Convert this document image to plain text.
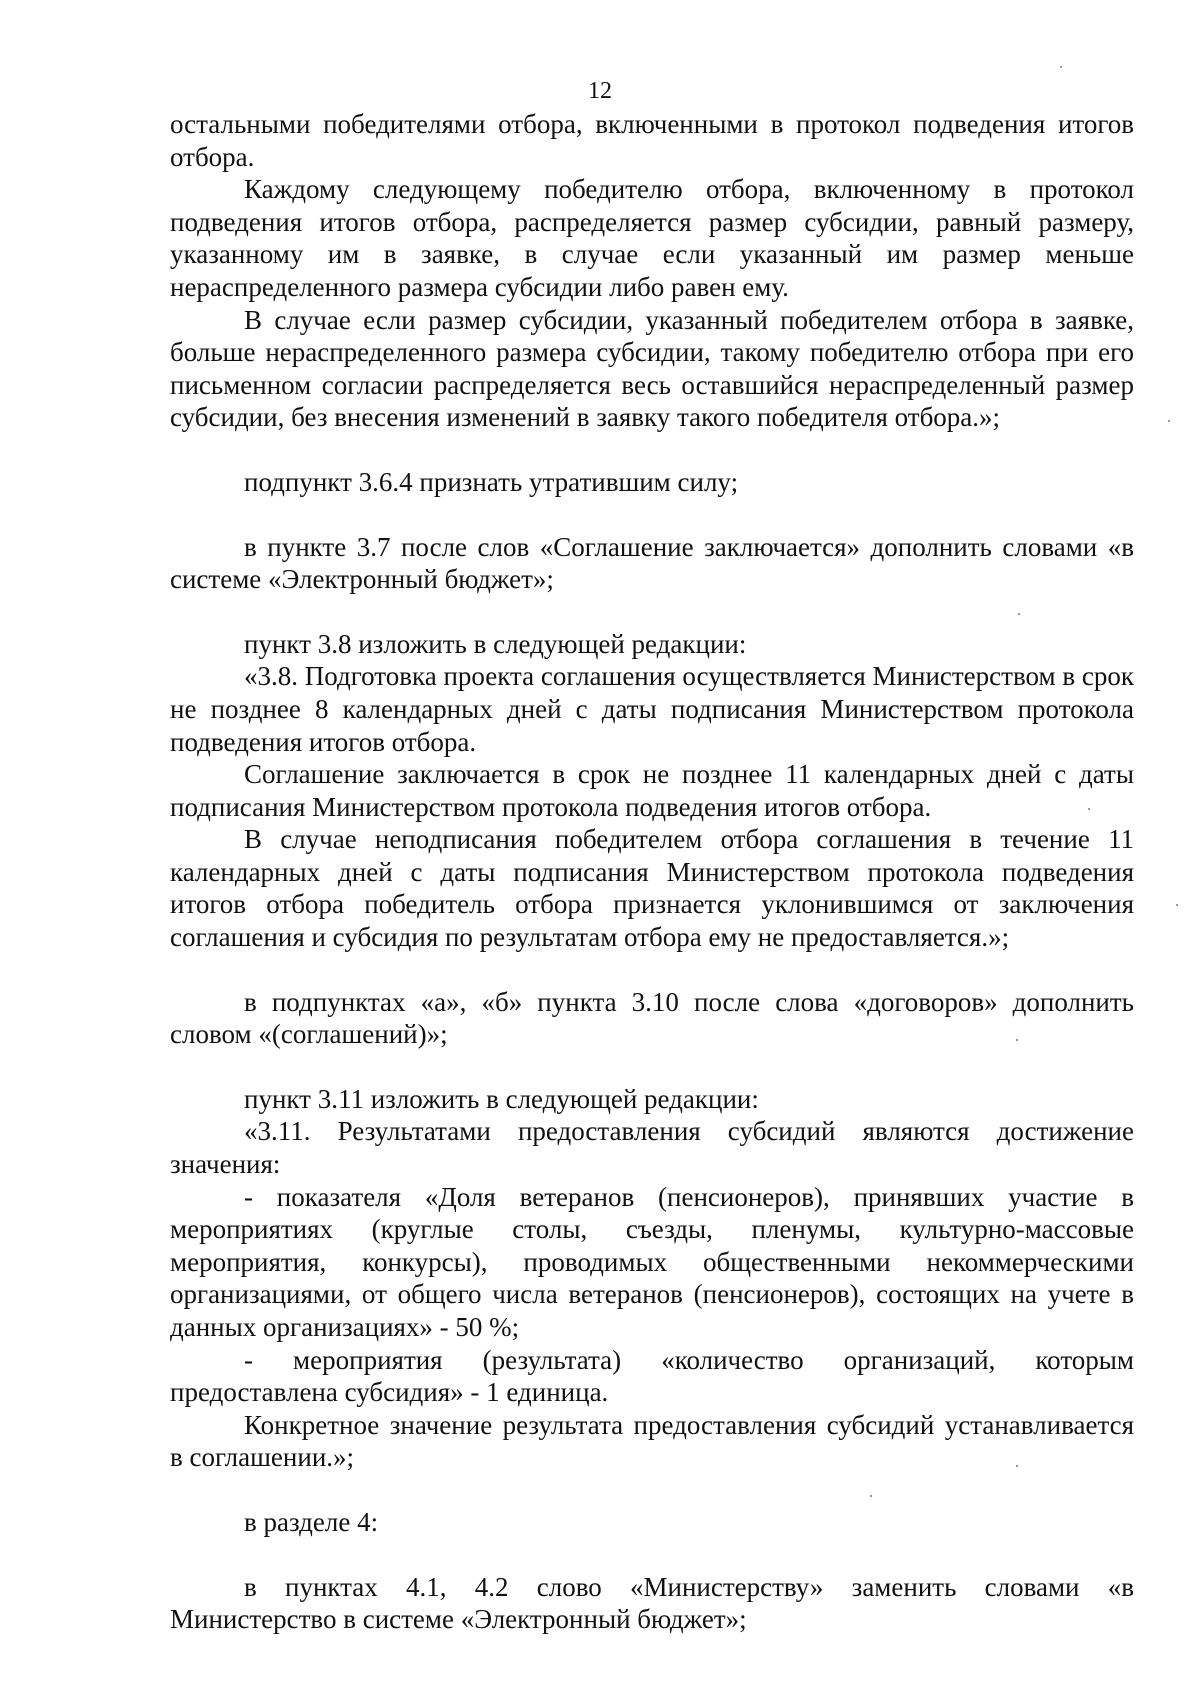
12

остальными победителями отбора, включенными в протокол подведения итогов отбора.

Каждому следующему победителю отбора, включенному в протокол подведения итогов отбора, распределяется размер субсидии, равный размеру, указанному им в заявке, в случае если указанный им размер меньше нераспределенного размера субсидии либо равен ему.

В случае если размер субсидии, указанный победителем отбора в заявке, больше нераспределенного размера субсидии, такому победителю отбора при его письменном согласии распределяется весь оставшийся нераспределенный размер субсидии, без внесения изменений в заявку такого победителя отбора.»;

подпункт 3.6.4 признать утратившим силу;

в пункте 3.7 после слов «Соглашение заключается» дополнить словами «в системе «Электронный бюджет»;

пункт 3.8 изложить в следующей редакции:

«3.8. Подготовка проекта соглашения осуществляется Министерством в срок не позднее 8 календарных дней с даты подписания Министерством протокола подведения итогов отбора.

Соглашение заключается в срок не позднее 11 календарных дней с даты подписания Министерством протокола подведения итогов отбора.

В случае неподписания победителем отбора соглашения в течение 11 календарных дней с даты подписания Министерством протокола подведения итогов отбора победитель отбора признается уклонившимся от заключения соглашения и субсидия по результатам отбора ему не предоставляется.»;

в подпунктах «а», «б» пункта 3.10 после слова «договоров» дополнить словом «(соглашений)»;

пункт 3.11 изложить в следующей редакции:

«3.11. Результатами предоставления субсидий являются достижение значения:

- показателя «Доля ветеранов (пенсионеров), принявших участие в мероприятиях (круглые столы, съезды, пленумы, культурно-массовые мероприятия, конкурсы), проводимых общественными некоммерческими организациями, от общего числа ветеранов (пенсионеров), состоящих на учете в данных организациях» - 50 %;

- мероприятия (результата) «количество организаций, которым предоставлена субсидия» - 1 единица.

Конкретное значение результата предоставления субсидий устанавливается в соглашении.»;

в разделе 4:

в пунктах 4.1, 4.2 слово «Министерству» заменить словами «в Министерство в системе «Электронный бюджет»;
